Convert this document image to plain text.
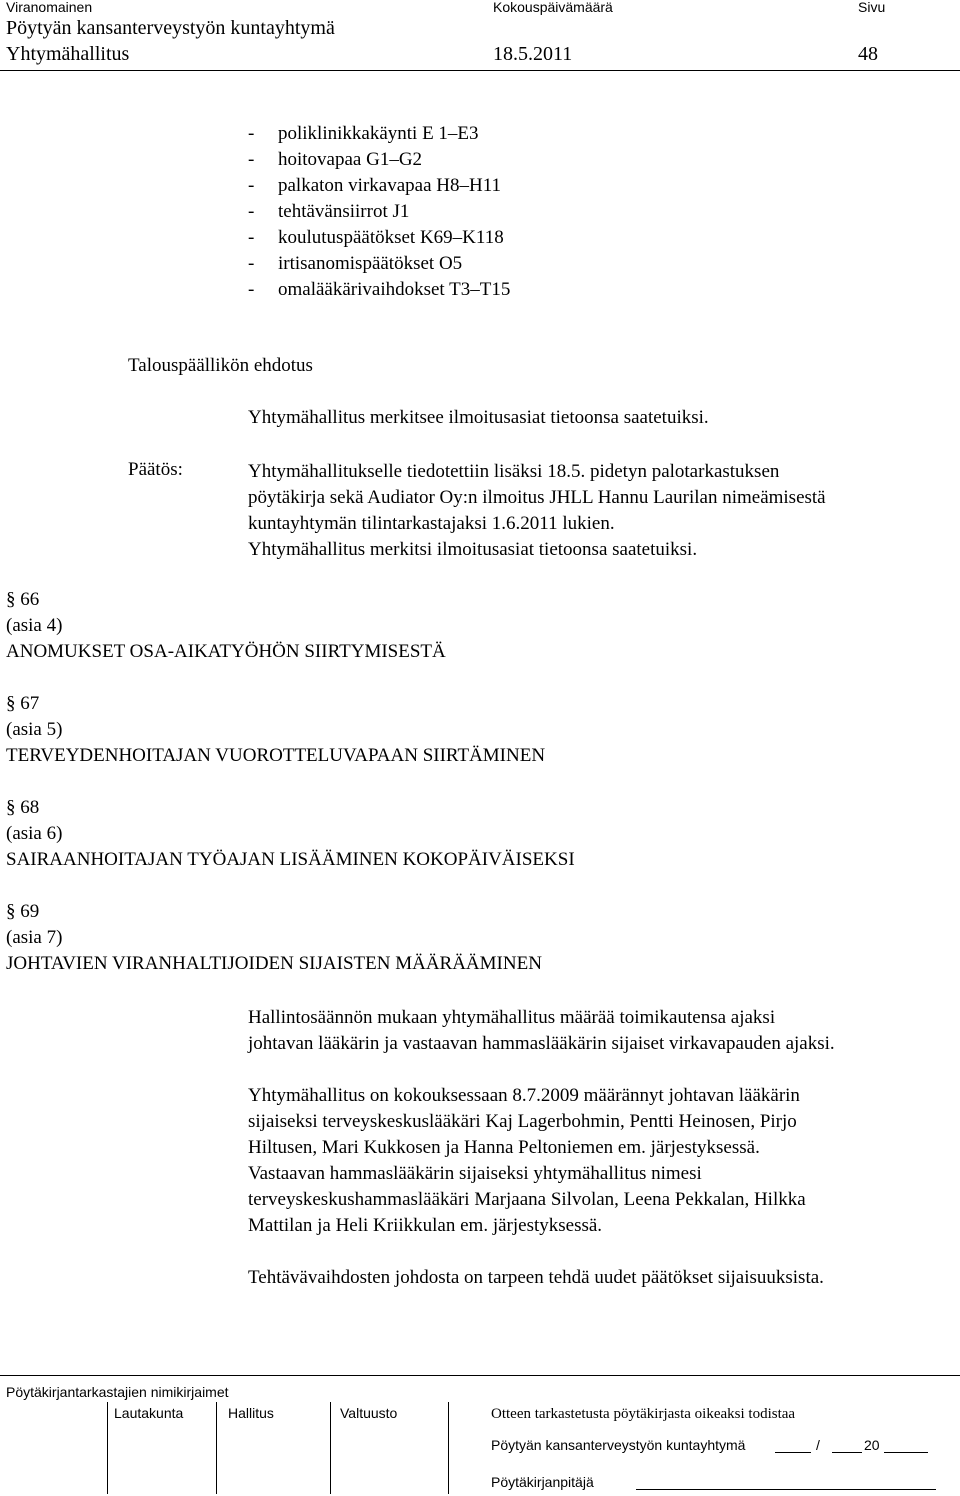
Viranomainen	Kokouspäivämäärä	Sivu
Pöytyän kansanterveystyön kuntayhtymä
Yhtymähallitus	18.5.2011	48
- poliklinikkakäynti E 1–E3
- hoitovapaa G1–G2
- palkaton virkavapaa H8–H11
- tehtävänsiirrot J1
- koulutuspäätökset K69–K118
- irtisanomispäätökset O5
- omalääkärivaihdokset T3–T15
Talouspäällikön ehdotus
Yhtymähallitus merkitsee ilmoitusasiat tietoonsa saatetuiksi.
Päätös:	Yhtymähallitukselle tiedotettiin lisäksi 18.5. pidetyn palotarkastuksen
pöytäkirja sekä Audiator Oy:n ilmoitus JHLL Hannu Laurilan nimeämisestä
kuntayhtymän tilintarkastajaksi 1.6.2011 lukien.
Yhtymähallitus merkitsi ilmoitusasiat tietoonsa saatetuiksi.
§ 66
(asia 4)
ANOMUKSET OSA-AIKATYÖHÖN SIIRTYMISESTÄ
§ 67
(asia 5)
TERVEYDENHOITAJAN VUOROTTELUVAPAAN SIIRTÄMINEN
§ 68
(asia 6)
SAIRAANHOITAJAN TYÖAJAN LISÄÄMINEN KOKOPÄIVÄISEKSI
§ 69
(asia 7)
JOHTAVIEN VIRANHALTIJOIDEN SIJAISTEN MÄÄRÄÄMINEN
Hallintosäännön mukaan yhtymähallitus määrää toimikautensa ajaksi
johtavan lääkärin ja vastaavan hammaslääkärin sijaiset virkavapauden ajaksi.
Yhtymähallitus on kokouksessaan 8.7.2009 määrännyt johtavan lääkärin
sijaiseksi terveyskeskuslääkäri Kaj Lagerbohmin, Pentti Heinosen, Pirjo
Hiltusen, Mari Kukkosen ja Hanna Peltoniemen em. järjestyksessä.
Vastaavan hammaslääkärin sijaiseksi yhtymähallitus nimesi
terveyskeskushammaslääkäri Marjaana Silvolan, Leena Pekkalan, Hilkka
Mattilan ja Heli Kriikkulan em. järjestyksessä.
Tehtävävaihdosten johdosta on tarpeen tehdä uudet päätökset sijaisuuksista.
Pöytäkirjantarkastajien nimikirjaimet
Lautakunta	Hallitus	Valtuusto	Otteen tarkastetusta pöytäkirjasta oikeaksi todistaa
Pöytyän kansanterveystyön kuntayhtymä	/	20
Pöytäkirjanpitäjä
